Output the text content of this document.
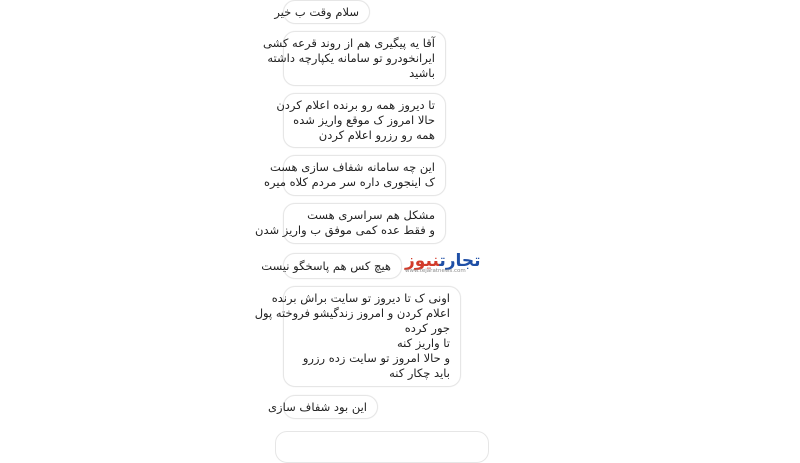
سلام وقت ب خیر
آقا یه پیگیری هم از روند قرعه کشی
ایرانخودرو تو سامانه یکپارچه داشته
باشید
تا دیروز همه رو برنده اعلام کردن
حالا امروز ک موقع واریز شده
همه رو رزرو اعلام کردن
این چه سامانه شفاف سازی هست
ک اینجوری داره سر مردم کلاه میره
مشکل هم سراسری هست
و فقط عده کمی موفق ب واریز شدن
هیچ کس هم پاسخگو نیست	تجارتنیوز
www.tejaratnews.com
اونی ک تا دیروز تو سایت براش برنده
اعلام کردن و امروز زندگیشو فروخته پول
جور کرده
تا واریز کنه
و حالا امروز تو سایت زده رزرو
باید چکار کنه
این بود شفاف سازی
